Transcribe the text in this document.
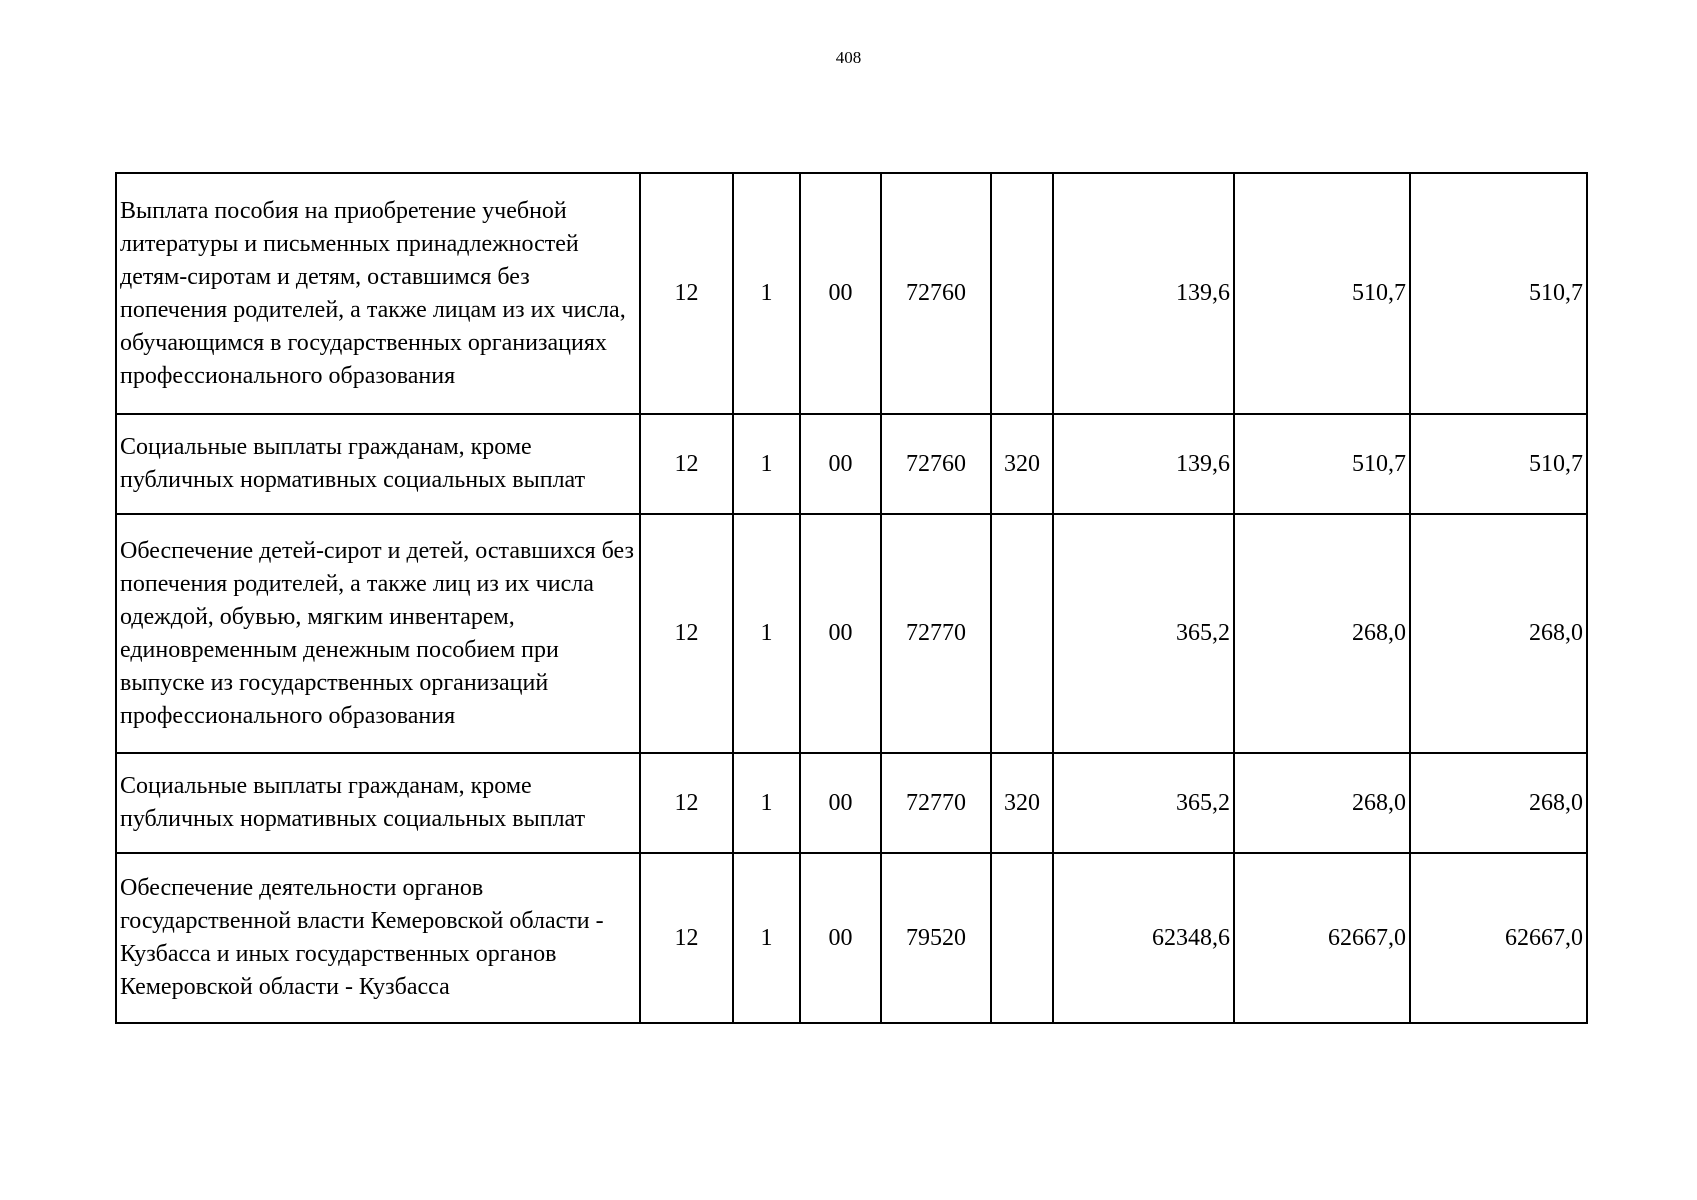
408
Выплата пособия на приобретение учебной литературы и письменных принадлежностей детям-сиротам и детям, оставшимся без попечения родителей, а также лицам из их числа, обучающимся в государственных организациях профессионального образования	12	1	00	72760		139,6	510,7	510,7
Социальные выплаты гражданам, кроме публичных нормативных социальных выплат	12	1	00	72760	320	139,6	510,7	510,7
Обеспечение детей-сирот и детей, оставшихся без попечения родителей, а также лиц из их числа одеждой, обувью, мягким инвентарем, единовременным денежным пособием при выпуске из государственных организаций профессионального образования	12	1	00	72770		365,2	268,0	268,0
Социальные выплаты гражданам, кроме публичных нормативных социальных выплат	12	1	00	72770	320	365,2	268,0	268,0
Обеспечение деятельности органов государственной власти Кемеровской области - Кузбасса и иных государственных органов Кемеровской области - Кузбасса	12	1	00	79520		62348,6	62667,0	62667,0
